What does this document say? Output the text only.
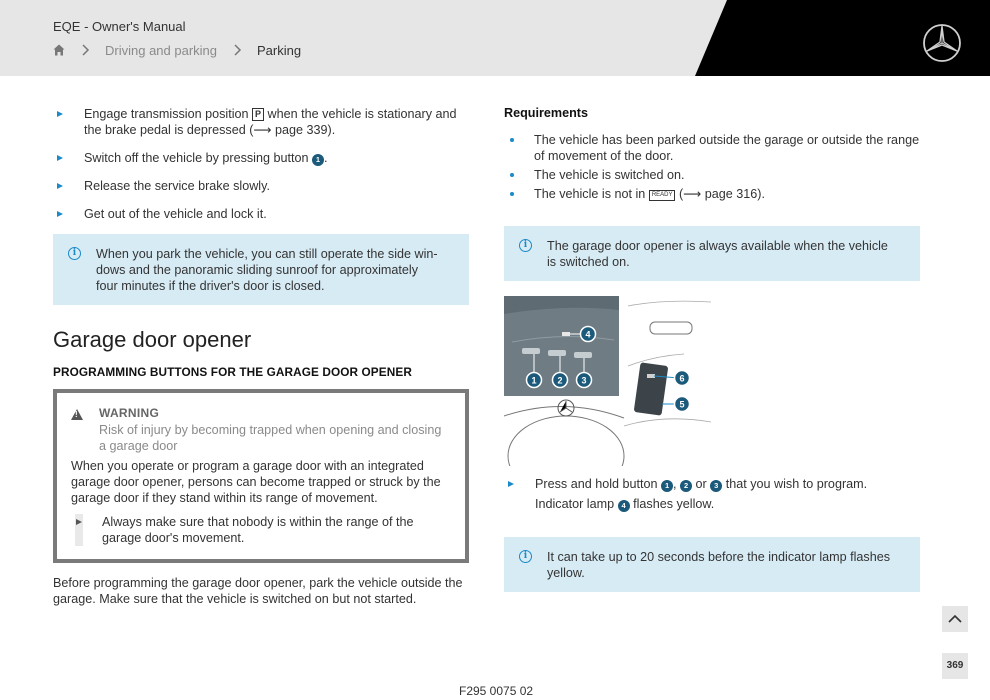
EQE - Owner's Manual
Driving and parking	Parking
Engage transmission position P when the vehicle is stationary and the brake pedal is depressed (⟶ page 339).
Switch off the vehicle by pressing button 1 .
Release the service brake slowly.
Get out of the vehicle and lock it.
i	When you park the vehicle, you can still operate the side win- dows and the panoramic sliding sunroof for approximately four minutes if the driver's door is closed.
Garage door opener
PROGRAMMING BUTTONS FOR THE GARAGE DOOR OPENER
!
WARNING
Risk of injury by becoming trapped when opening and closing a garage door
When you operate or program a garage door with an integrated garage door opener, persons can become trapped or struck by the garage door if they stand within its range of movement.
Always make sure that nobody is within the range of the garage door's movement.
Before programming the garage door opener, park the vehicle outside the garage. Make sure that the vehicle is switched on but not started.
Requirements
The vehicle has been parked outside the garage or outside the range of movement of the door.
The vehicle is switched on.
The vehicle is not in READY (⟶ page 316).
i	The garage door opener is always available when the vehicle is switched on.
1 2 3
4
5
6
Press and hold button 1 , 2 or 3 that you wish to program.
Indicator lamp 4 flashes yellow.
i	It can take up to 20 seconds before the indicator lamp flashes yellow.
F295 0075 02
369
